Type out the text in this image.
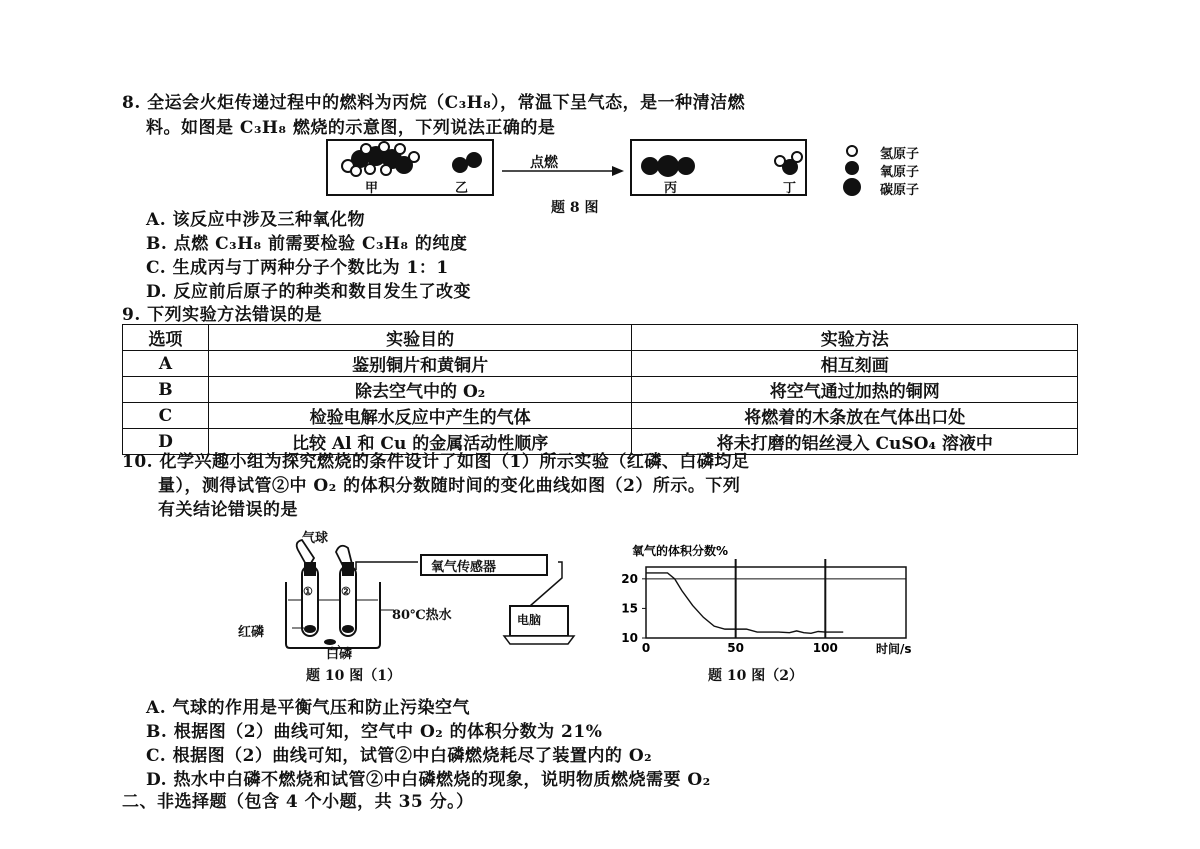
8. 全运会火炬传递过程中的燃料为丙烷（C₃H₈），常温下呈气态，是一种清洁燃
料。如图是 C₃H₈ 燃烧的示意图，下列说法正确的是
甲	乙
点燃
丙	丁
氢原子
氧原子
碳原子
题 8 图
A. 该反应中涉及三种氧化物
B. 点燃 C₃H₈ 前需要检验 C₃H₈ 的纯度
C. 生成丙与丁两种分子个数比为 1：1
D. 反应前后原子的种类和数目发生了改变
9. 下列实验方法错误的是
选项	实验目的	实验方法
A	鉴别铜片和黄铜片	相互刻画
B	除去空气中的 O₂	将空气通过加热的铜网
C	检验电解水反应中产生的气体	将燃着的木条放在气体出口处
D	比较 Al 和 Cu 的金属活动性顺序	将未打磨的铝丝浸入 CuSO₄ 溶液中
10. 化学兴趣小组为探究燃烧的条件设计了如图（1）所示实验（红磷、白磷均足
量），测得试管②中 O₂ 的体积分数随时间的变化曲线如图（2）所示。下列
有关结论错误的是
氧气传感器
电脑
气球
80℃热水
红磷
白磷
①	②
题 10 图（1）
10
15
20
0	50	100
氧气的体积分数%
时间/s
题 10 图（2）
A. 气球的作用是平衡气压和防止污染空气
B. 根据图（2）曲线可知，空气中 O₂ 的体积分数为 21%
C. 根据图（2）曲线可知，试管②中白磷燃烧耗尽了装置内的 O₂
D. 热水中白磷不燃烧和试管②中白磷燃烧的现象，说明物质燃烧需要 O₂
二、非选择题（包含 4 个小题，共 35 分。）
